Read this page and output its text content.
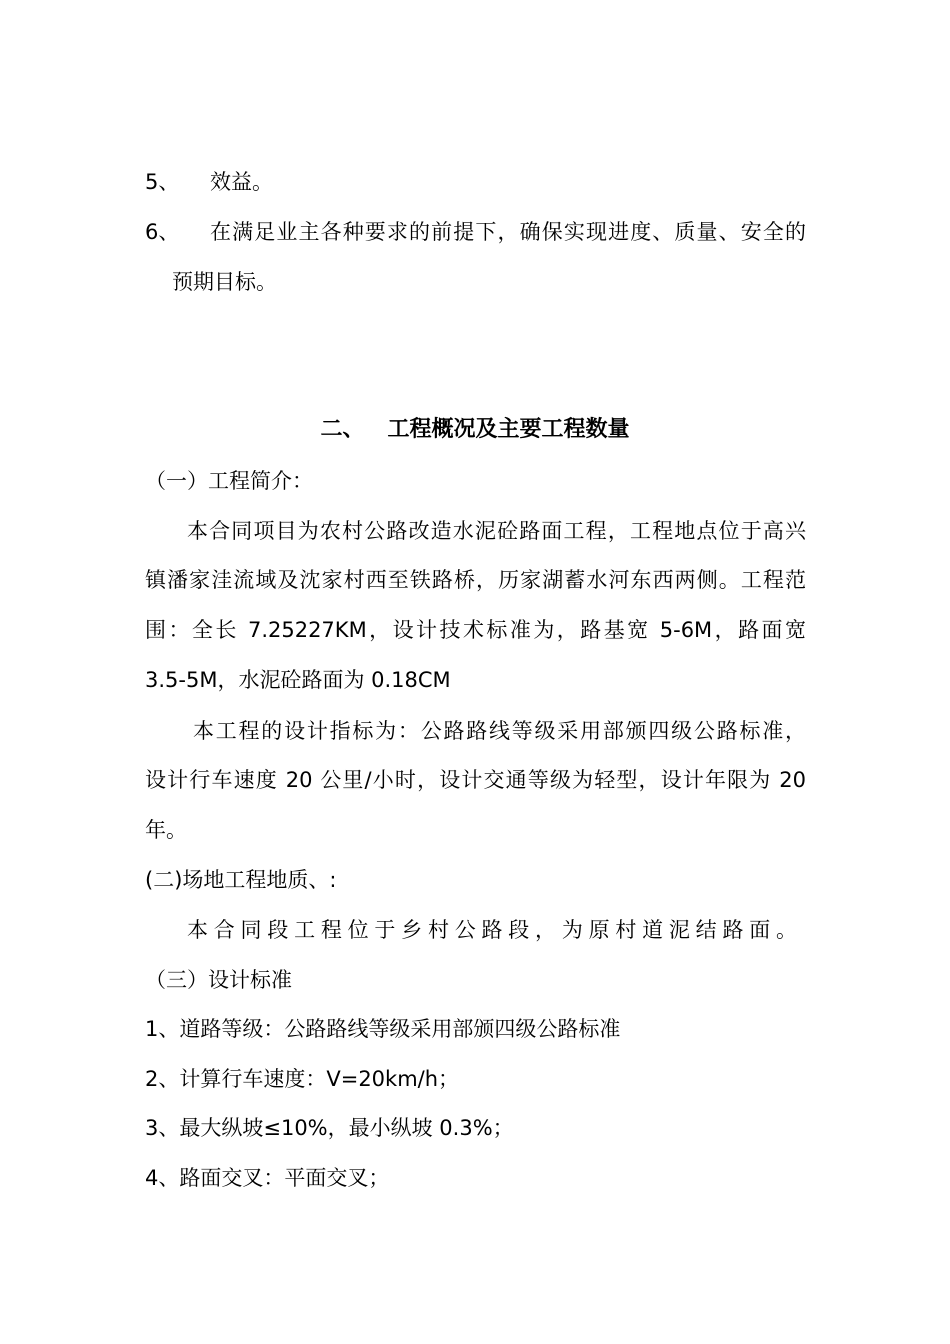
5、 效益。
6、 在满足业主各种要求的前提下，确保实现进度、质量、安全的
预期目标。
二、 工程概况及主要工程数量
（一）工程简介：
本合同项目为农村公路改造水泥砼路面工程，工程地点位于高兴
镇潘家洼流域及沈家村西至铁路桥，历家湖蓄水河东西两侧。工程范
围：全长 7.25227KM，设计技术标准为，路基宽 5-6M，路面宽
3.5-5M，水泥砼路面为 0.18CM
本工程的设计指标为：公路路线等级采用部颁四级公路标准，
设计行车速度 20 公里/小时，设计交通等级为轻型，设计年限为 20
年。
(二)场地工程地质、:
本合同段工程位于乡村公路段，为原村道泥结路面。
（三）设计标准
1、道路等级：公路路线等级采用部颁四级公路标准
2、计算行车速度：V=20km/h；
3、最大纵坡≤10%，最小纵坡 0.3%；
4、路面交叉：平面交叉；
